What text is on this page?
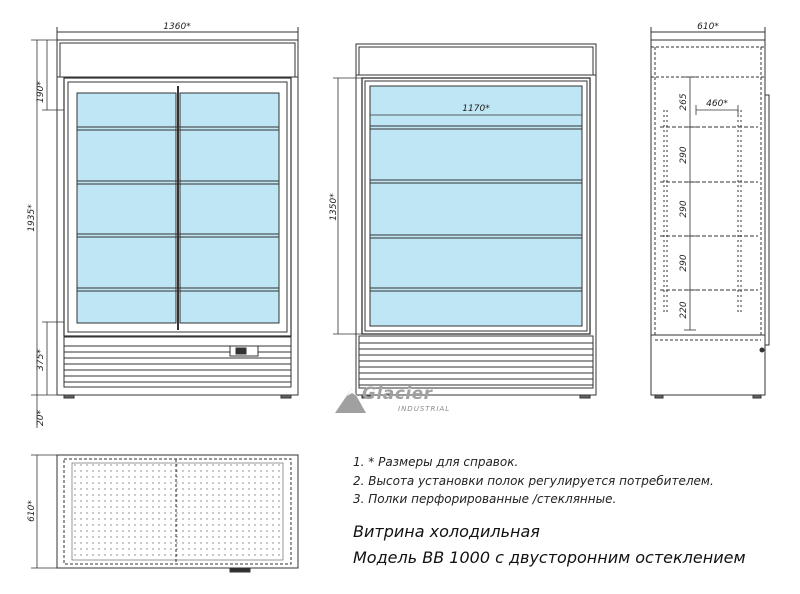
1360*
190*
1935*
375*
20*
1350*
1170*
610*
460*
265
290
290
290
220
610*
Glacier
INDUSTRIAL
1. * Размеры для справок.
2. Высота установки полок регулируется потребителем.
3. Полки перфорированные /стеклянные.
Витрина холодильная
Модель ВВ 1000 с двусторонним остеклением
